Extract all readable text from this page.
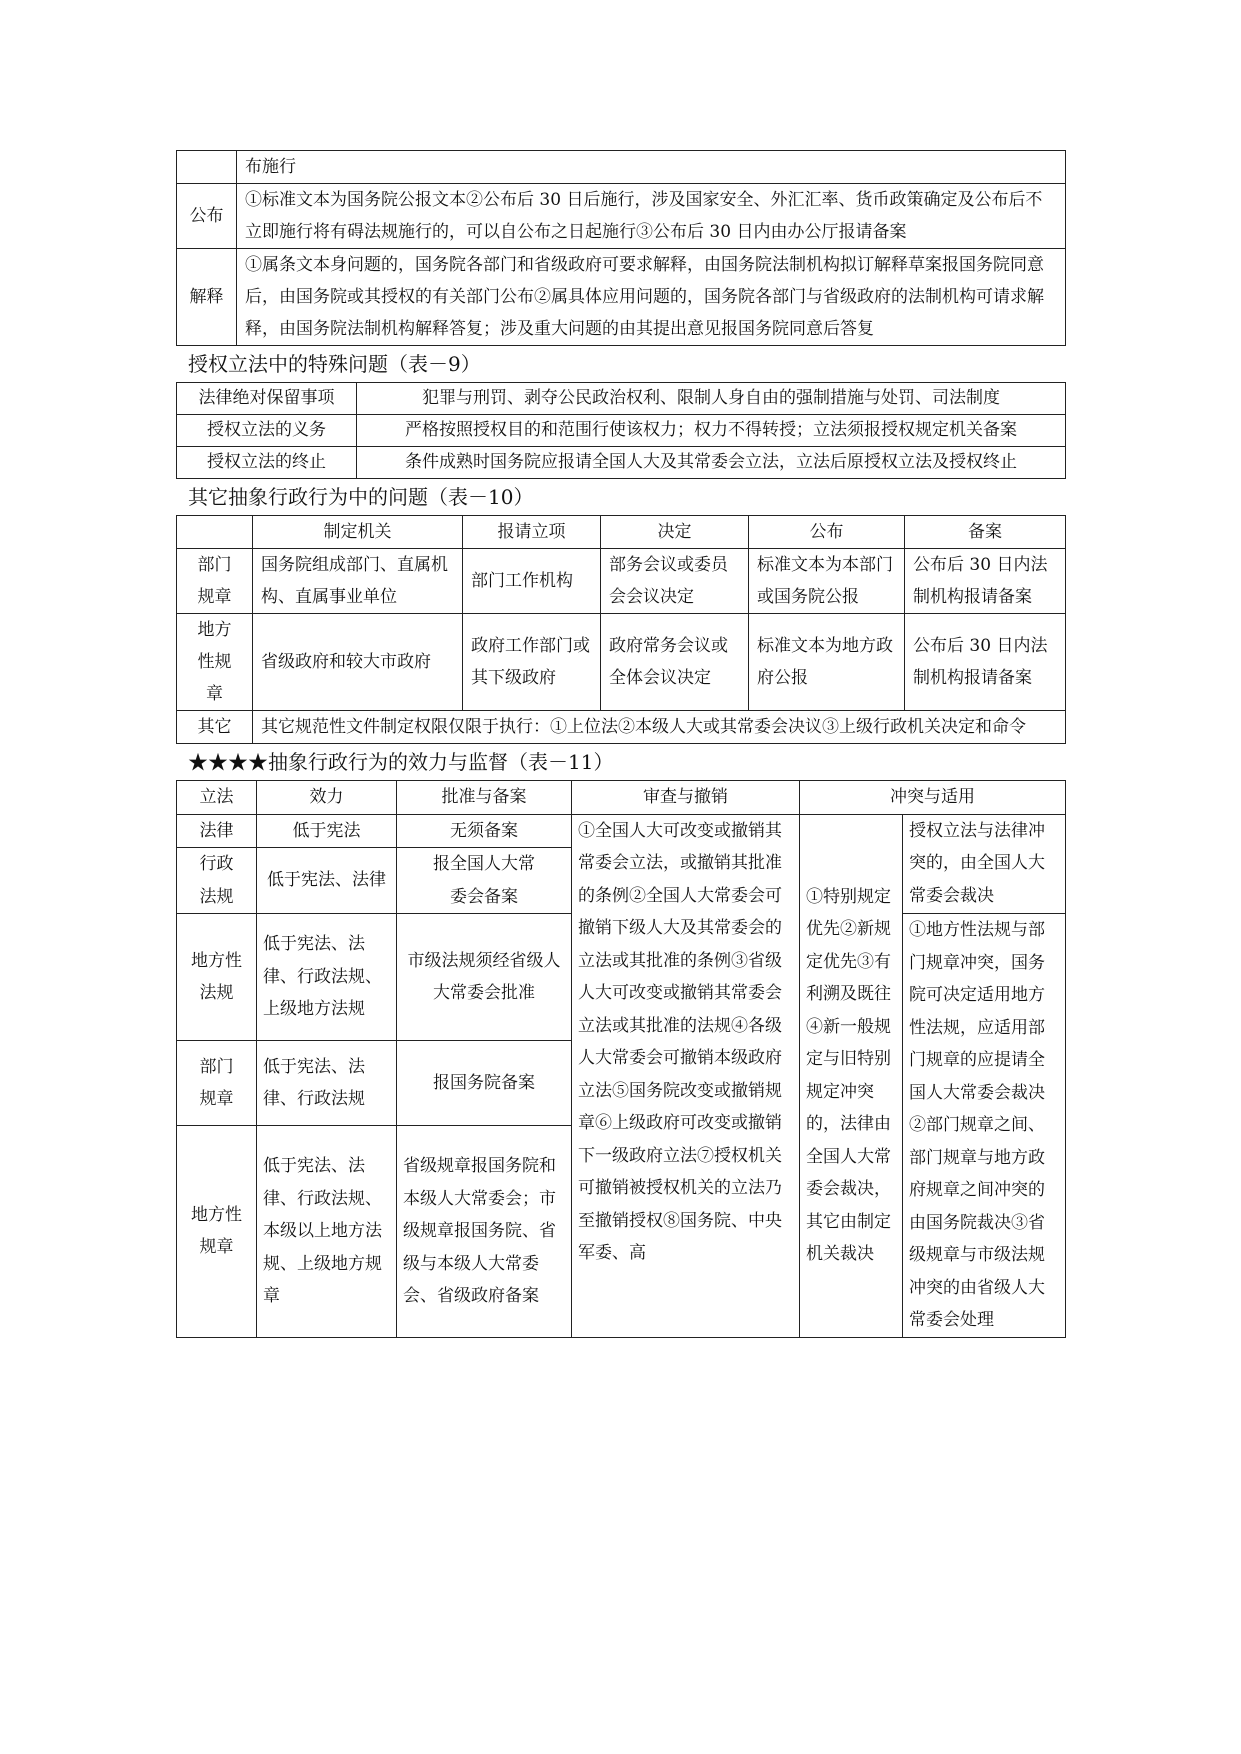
	布施行
公布	①标准文本为国务院公报文本②公布后 30 日后施行，涉及国家安全、外汇汇率、货币政策确定及公布后不立即施行将有碍法规施行的，可以自公布之日起施行③公布后 30 日内由办公厅报请备案
解释	①属条文本身问题的，国务院各部门和省级政府可要求解释，由国务院法制机构拟订解释草案报国务院同意后，由国务院或其授权的有关部门公布②属具体应用问题的，国务院各部门与省级政府的法制机构可请求解释，由国务院法制机构解释答复；涉及重大问题的由其提出意见报国务院同意后答复
授权立法中的特殊问题（表－9）
法律绝对保留事项	犯罪与刑罚、剥夺公民政治权利、限制人身自由的强制措施与处罚、司法制度
授权立法的义务	严格按照授权目的和范围行使该权力；权力不得转授；立法须报授权规定机关备案
授权立法的终止	条件成熟时国务院应报请全国人大及其常委会立法，立法后原授权立法及授权终止
其它抽象行政行为中的问题（表－10）
	制定机关	报请立项	决定	公布	备案
部门规章	国务院组成部门、直属机构、直属事业单位	部门工作机构	部务会议或委员会会议决定	标准文本为本部门或国务院公报	公布后 30 日内法制机构报请备案
地方性规章	省级政府和较大市政府	政府工作部门或其下级政府	政府常务会议或全体会议决定	标准文本为地方政府公报	公布后 30 日内法制机构报请备案
其它	其它规范性文件制定权限仅限于执行：①上位法②本级人大或其常委会决议③上级行政机关决定和命令				
★★★★抽象行政行为的效力与监督（表－11）
立法	效力	批准与备案	审查与撤销	冲突与适用	
法律	低于宪法	无须备案	①全国人大可改变或撤销其常委会立法，或撤销其批准的条例②全国人大常委会可撤销下级人大及其常委会的立法或其批准的条例③省级人大可改变或撤销其常委会立法或其批准的法规④各级人大常委会可撤销本级政府立法⑤国务院改变或撤销规章⑥上级政府可改变或撤销下一级政府立法⑦授权机关可撤销被授权机关的立法乃至撤销授权⑧国务院、中央军委、高	①特别规定优先②新规定优先③有利溯及既往④新一般规定与旧特别规定冲突的，法律由全国人大常委会裁决，其它由制定机关裁决	授权立法与法律冲突的，由全国人大常委会裁决
行政法规	低于宪法、法律	报全国人大常委会备案			
地方性法规	低于宪法、法律、行政法规、上级地方法规	市级法规须经省级人大常委会批准			①地方性法规与部门规章冲突，国务院可决定适用地方性法规，应适用部门规章的应提请全国人大常委会裁决②部门规章之间、部门规章与地方政府规章之间冲突的由国务院裁决③省级规章与市级法规冲突的由省级人大常委会处理
部门规章	低于宪法、法律、行政法规	报国务院备案			
地方性规章	低于宪法、法律、行政法规、本级以上地方法规、上级地方规章	省级规章报国务院和本级人大常委会；市级规章报国务院、省级与本级人大常委会、省级政府备案			
